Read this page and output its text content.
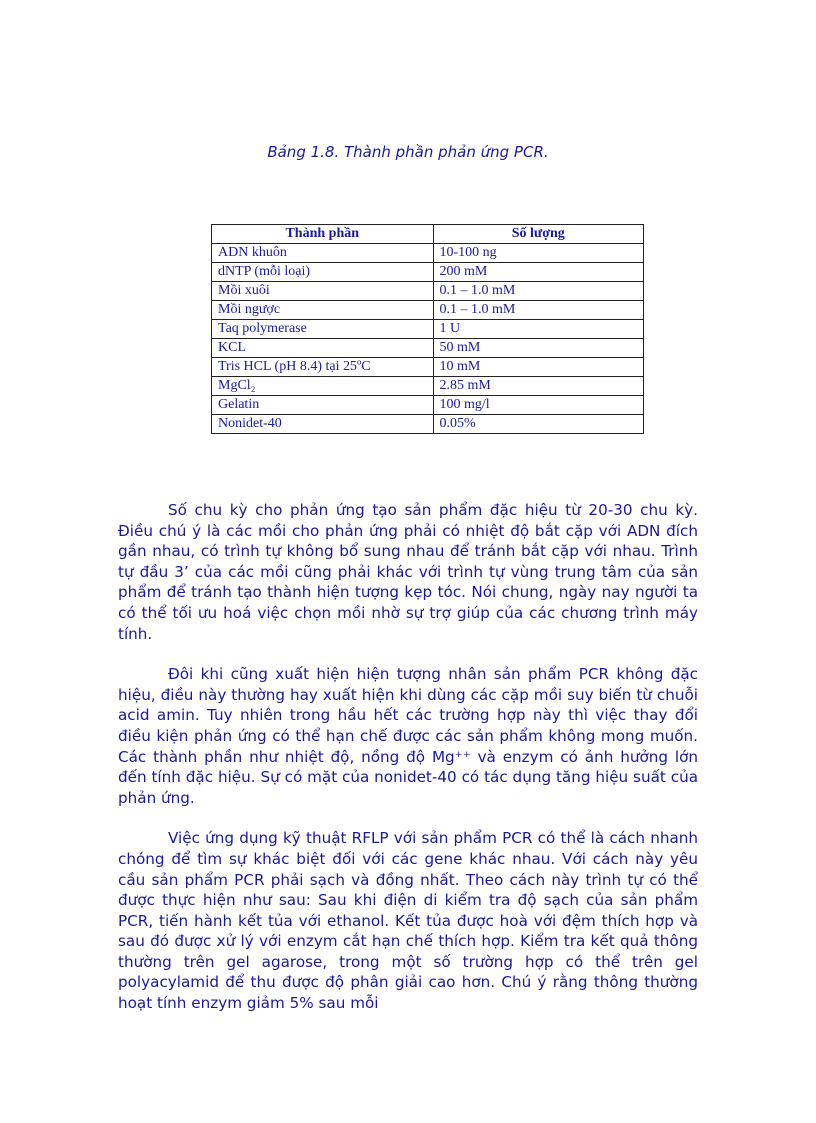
Bảng 1.8. Thành phần phản ứng PCR.
Thành phần	Số lượng
ADN khuôn	10-100 ng
dNTP (mỗi loại)	200 mM
Mồi xuôi	0.1 – 1.0 mM
Mồi ngược	0.1 – 1.0 mM
Taq polymerase	1 U
KCL	50 mM
Tris HCL (pH 8.4) tại 25ºC	10 mM
MgCl₂	2.85 mM
Gelatin	100 mg/l
Nonidet-40	0.05%

Số chu kỳ cho phản ứng tạo sản phẩm đặc hiệu từ 20-30 chu kỳ. Điều chú ý là các mồi cho phản ứng phải có nhiệt độ bắt cặp với ADN đích gần nhau, có trình tự không bổ sung nhau để tránh bắt cặp với nhau. Trình tự đầu 3’ của các mồi cũng phải khác với trình tự vùng trung tâm của sản phẩm để tránh tạo thành hiện tượng kẹp tóc. Nói chung, ngày nay người ta có thể tối ưu hoá việc chọn mồi nhờ sự trợ giúp của các chương trình máy tính.

Đôi khi cũng xuất hiện hiện tượng nhân sản phẩm PCR không đặc hiệu, điều này thường hay xuất hiện khi dùng các cặp mồi suy biến từ chuỗi acid amin. Tuy nhiên trong hầu hết các trường hợp này thì việc thay đổi điều kiện phản ứng có thể hạn chế được các sản phẩm không mong muốn. Các thành phần như nhiệt độ, nồng độ Mg⁺⁺ và enzym có ảnh hưởng lớn đến tính đặc hiệu. Sự có mặt của nonidet-40 có tác dụng tăng hiệu suất của phản ứng.

Việc ứng dụng kỹ thuật RFLP với sản phẩm PCR có thể là cách nhanh chóng để tìm sự khác biệt đối với các gene khác nhau. Với cách này yêu cầu sản phẩm PCR phải sạch và đồng nhất. Theo cách này trình tự có thể được thực hiện như sau: Sau khi điện di kiểm tra độ sạch của sản phẩm PCR, tiến hành kết tủa với ethanol. Kết tủa được hoà với đệm thích hợp và sau đó được xử lý với enzym cắt hạn chế thích hợp. Kiểm tra kết quả thông thường trên gel agarose, trong một số trường hợp có thể trên gel polyacylamid để thu được độ phân giải cao hơn. Chú ý rằng thông thường hoạt tính enzym giảm 5% sau mỗi
